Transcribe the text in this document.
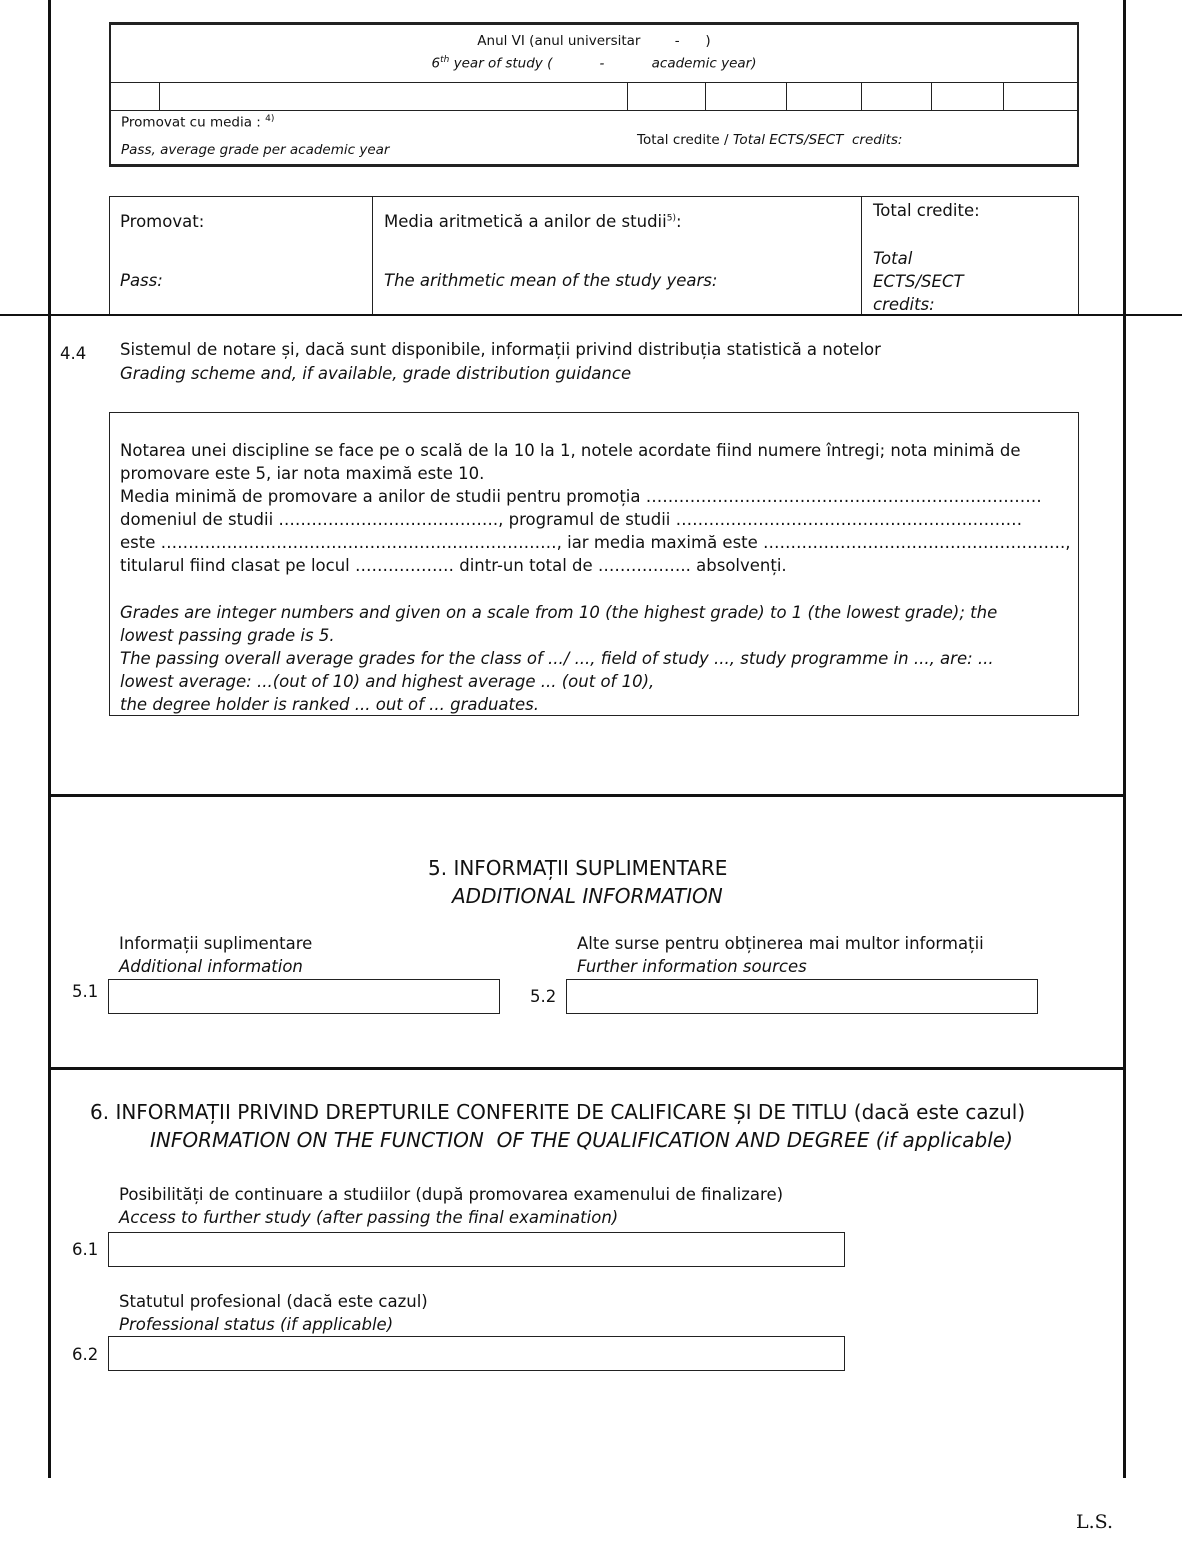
Anul VI (anul universitar        -      )
6th year of study (           -           academic year)
Promovat cu media : $^{4)}$
Pass, average grade per academic year
Total credite / Total ECTS/SECT  credits:
Promovat:
Pass:
Media aritmetică a anilor de studii$^{5)}$:
The arithmetic mean of the study years:
Total credite:
Total ECTS/SECT credits:
4.4 Sistemul de notare și, dacă sunt disponibile, informații privind distribuția statistică a notelor
Grading scheme and, if available, grade distribution guidance

Notarea unei discipline se face pe o scală de la 10 la 1, notele acordate fiind numere întregi; nota minimă de

promovare este 5, iar nota maximă este 10.

Media minimă de promovare a anilor de studii pentru promoția ………………………………………………………………

domeniul de studii …………………………………., programul de studii ………………………………………………………

este ………………………………………………………………, iar media maximă este ……………………………………………….,

titularul fiind clasat pe locul ……………… dintr-un total de …………….. absolvenți.

Grades are integer numbers and given on a scale from 10 (the highest grade) to 1 (the lowest grade); the

lowest passing grade is 5.

The passing overall average grades for the class of .../ ..., field of study ..., study programme in ..., are: ...

lowest average: ...(out of 10) and highest average ... (out of 10),

the degree holder is ranked ... out of ... graduates.

5. INFORMAȚII SUPLIMENTARE
ADDITIONAL INFORMATION
Informații suplimentare
Additional information
5.1
Alte surse pentru obținerea mai multor informații
Further information sources
5.2
6. INFORMAȚII PRIVIND DREPTURILE CONFERITE DE CALIFICARE ȘI DE TITLU (dacă este cazul)
INFORMATION ON THE FUNCTION  OF THE QUALIFICATION AND DEGREE (if applicable)
Posibilități de continuare a studiilor (după promovarea examenului de finalizare)
Access to further study (after passing the final examination)
6.1
Statutul profesional (dacă este cazul)
Professional status (if applicable)
6.2
L.S.
